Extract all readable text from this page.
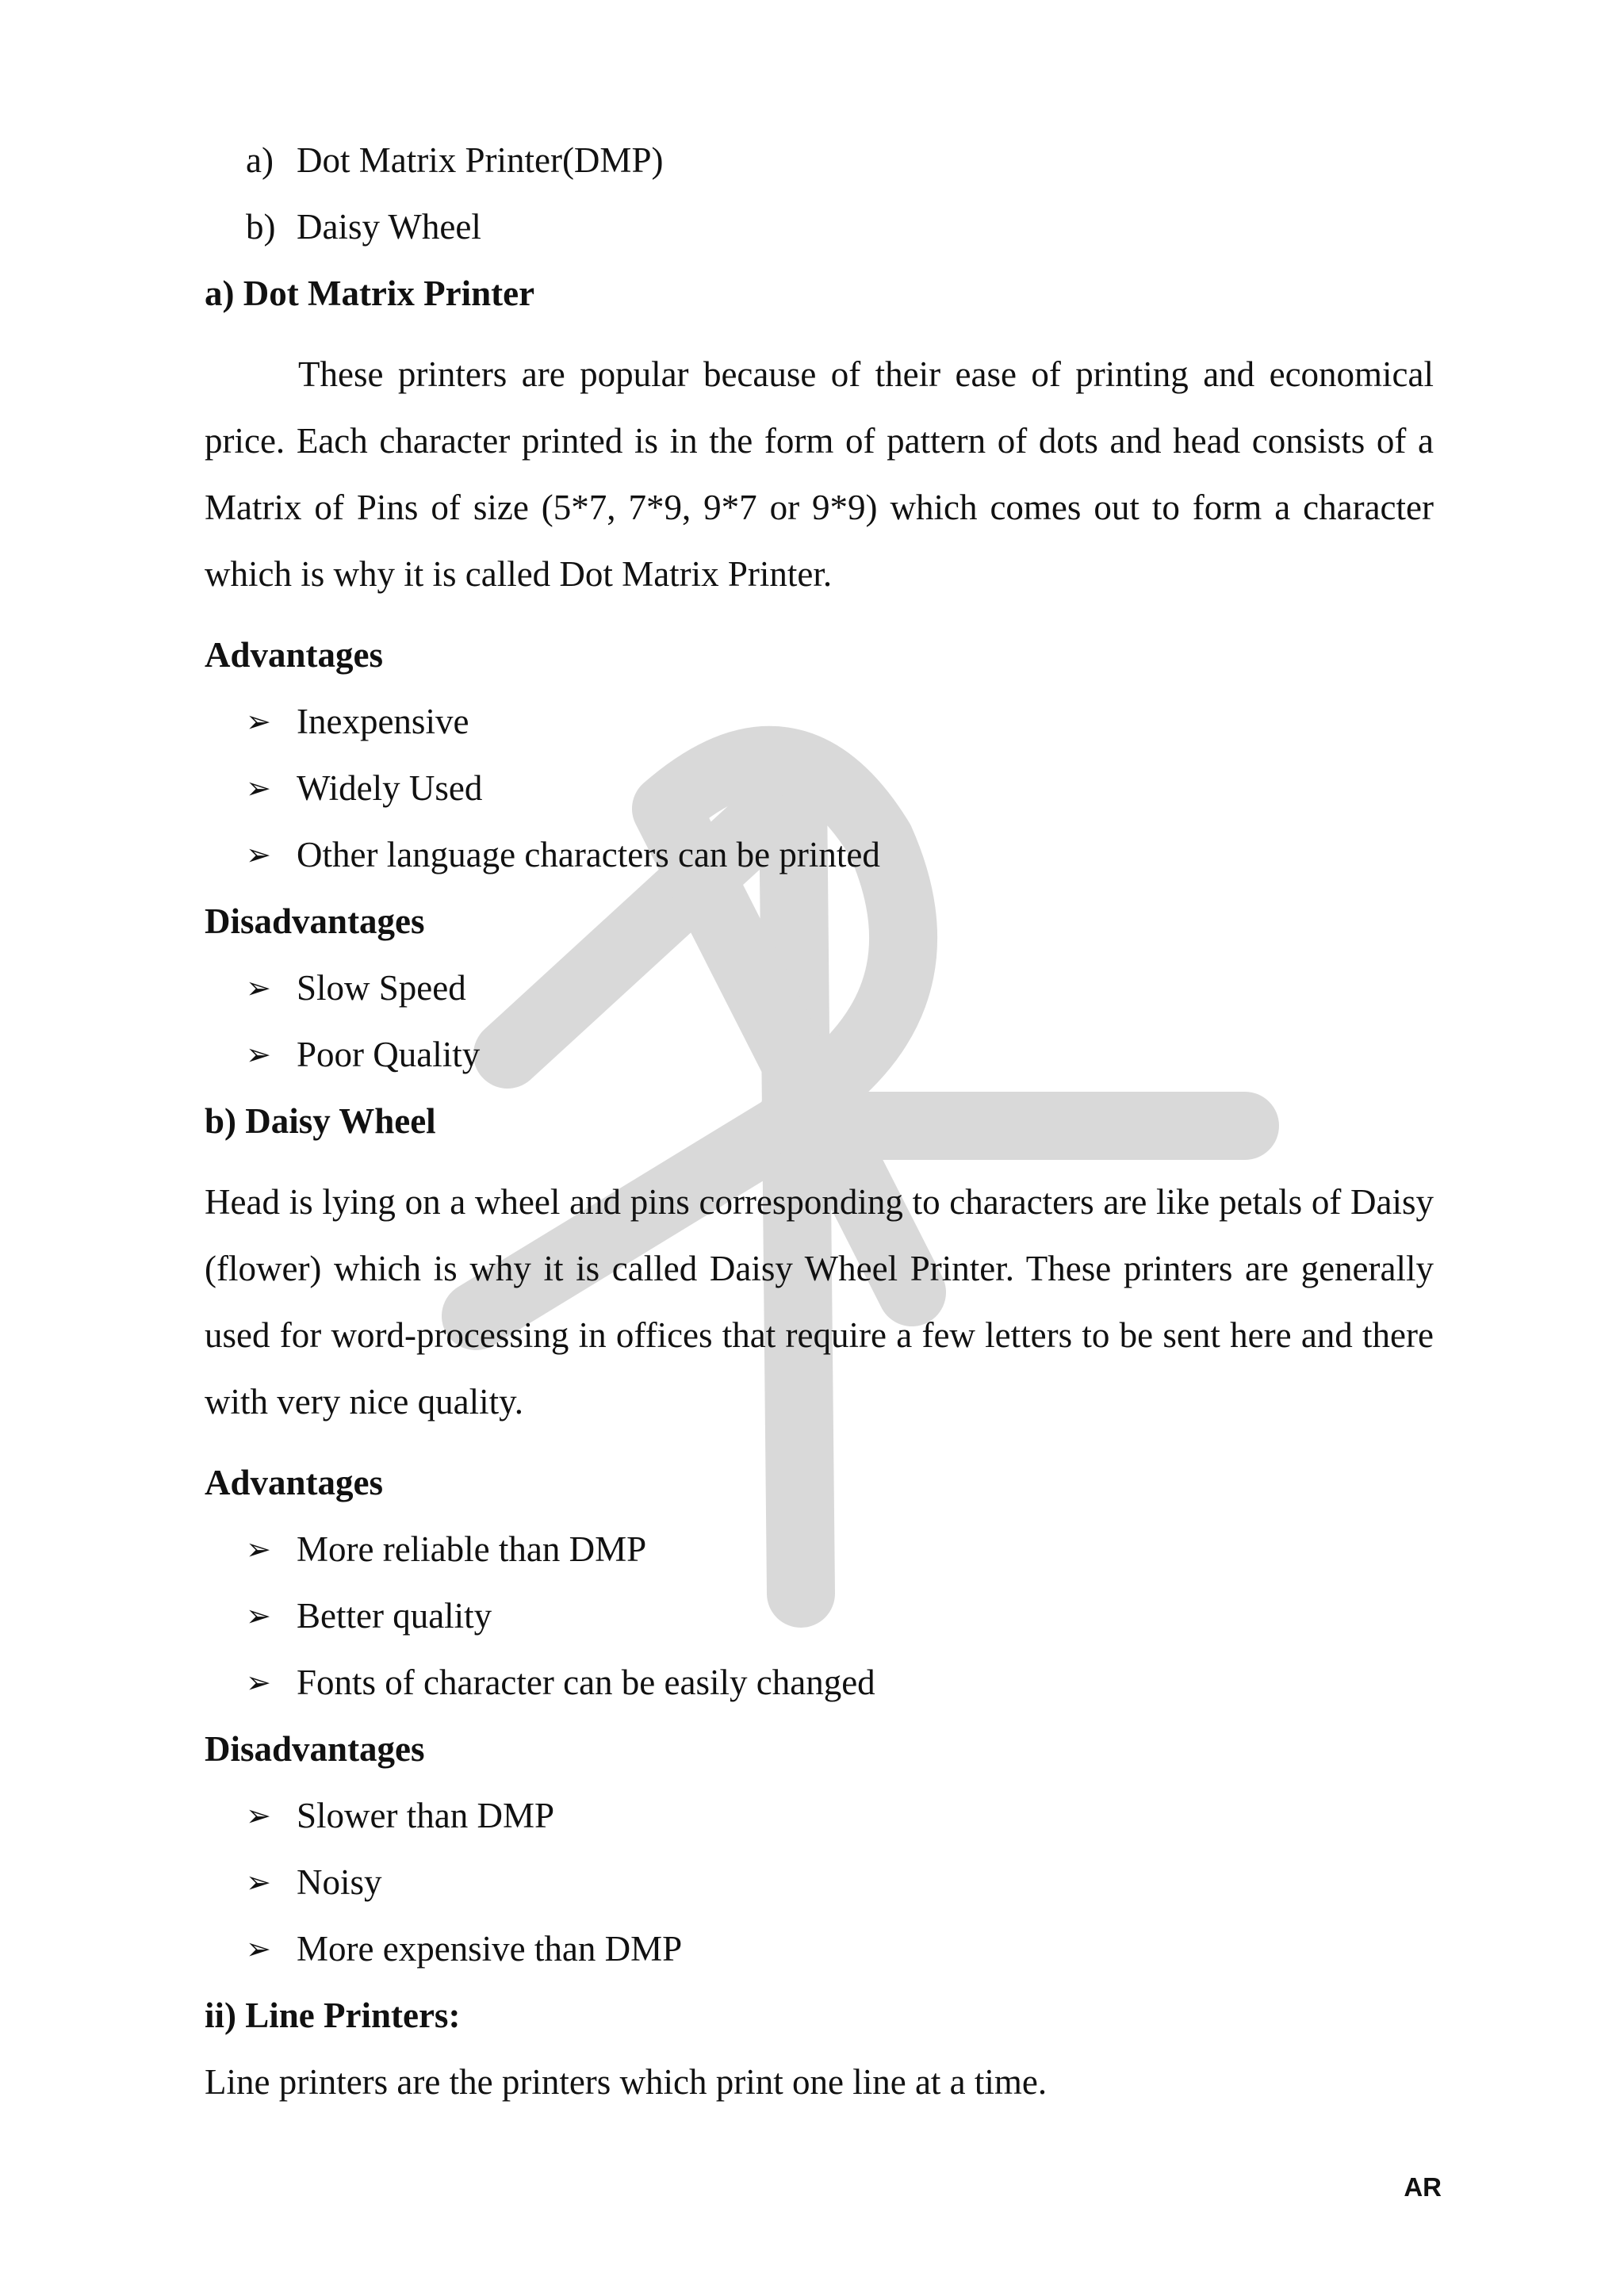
a) Dot Matrix Printer(DMP)
b) Daisy Wheel
a) Dot Matrix Printer

These printers are popular because of their ease of printing and economical price. Each character printed is in the form of pattern of dots and head consists of a Matrix of Pins of size (5*7, 7*9, 9*7 or 9*9) which comes out to form a character which is why it is called Dot Matrix Printer.

Advantages
➢ Inexpensive
➢ Widely Used
➢ Other language characters can be printed
Disadvantages
➢ Slow Speed
➢ Poor Quality
b) Daisy Wheel

Head is lying on a wheel and pins corresponding to characters are like petals of Daisy (flower) which is why it is called Daisy Wheel Printer. These printers are generally used for word-processing in offices that require a few letters to be sent here and there with very nice quality.

Advantages
➢ More reliable than DMP
➢ Better quality
➢ Fonts of character can be easily changed
Disadvantages
➢ Slower than DMP
➢ Noisy
➢ More expensive than DMP
ii) Line Printers:
Line printers are the printers which print one line at a time.
AR
